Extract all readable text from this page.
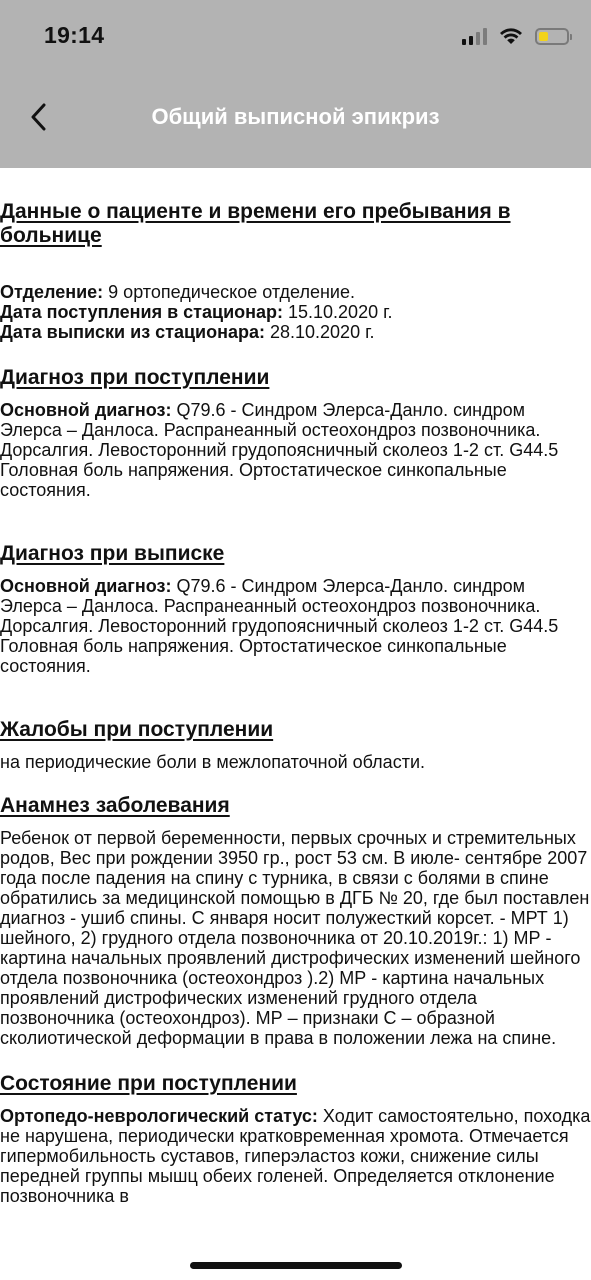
19:14
Общий выписной эпикриз
Данные о пациенте и времени его пребывания в больнице

Отделение: 9 ортопедическое отделение.

Дата поступления в стационар: 15.10.2020 г.

Дата выписки из стационара: 28.10.2020 г.

Диагноз при поступлении

Основной диагноз: Q79.6 - Синдром Элерса-Данло. синдром Элерса – Данлоса. Распранеанный остеохондроз позвоночника. Дорсалгия. Левосторонний грудопоясничный сколеоз 1-2 ст. G44.5 Головная боль напряжения. Ортостатическое синкопальные состояния.

Диагноз при выписке

Основной диагноз: Q79.6 - Синдром Элерса-Данло. синдром Элерса – Данлоса. Распранеанный остеохондроз позвоночника. Дорсалгия. Левосторонний грудопоясничный сколеоз 1-2 ст. G44.5 Головная боль напряжения. Ортостатическое синкопальные состояния.

Жалобы при поступлении

на периодические боли в межлопаточной области.

Анамнез заболевания

Ребенок от первой беременности, первых срочных и стремительных родов, Вес при рождении 3950 гр., рост 53 см. В июле- сентябре 2007 года после падения на спину с турника, в связи с болями в спине обратились за медицинской помощью в ДГБ № 20, где был поставлен диагноз - ушиб спины. С января носит полужесткий корсет. - МРТ 1) шейного, 2) грудного отдела позвоночника от 20.10.2019г.: 1) МР - картина начальных проявлений дистрофических изменений шейного отдела позвоночника (остеохондроз ).2) МР - картина начальных проявлений дистрофических изменений грудного отдела позвоночника (остеохондроз). МР – признаки С – образной сколиотической деформации в права в положении лежа на спине.

Состояние при поступлении

Ортопедо-неврологический статус: Ходит самостоятельно, походка не нарушена, периодически кратковременная хромота. Отмечается гипермобильность суставов, гиперэластоз кожи, снижение силы передней группы мышц обеих голеней. Определяется отклонение позвоночника в
